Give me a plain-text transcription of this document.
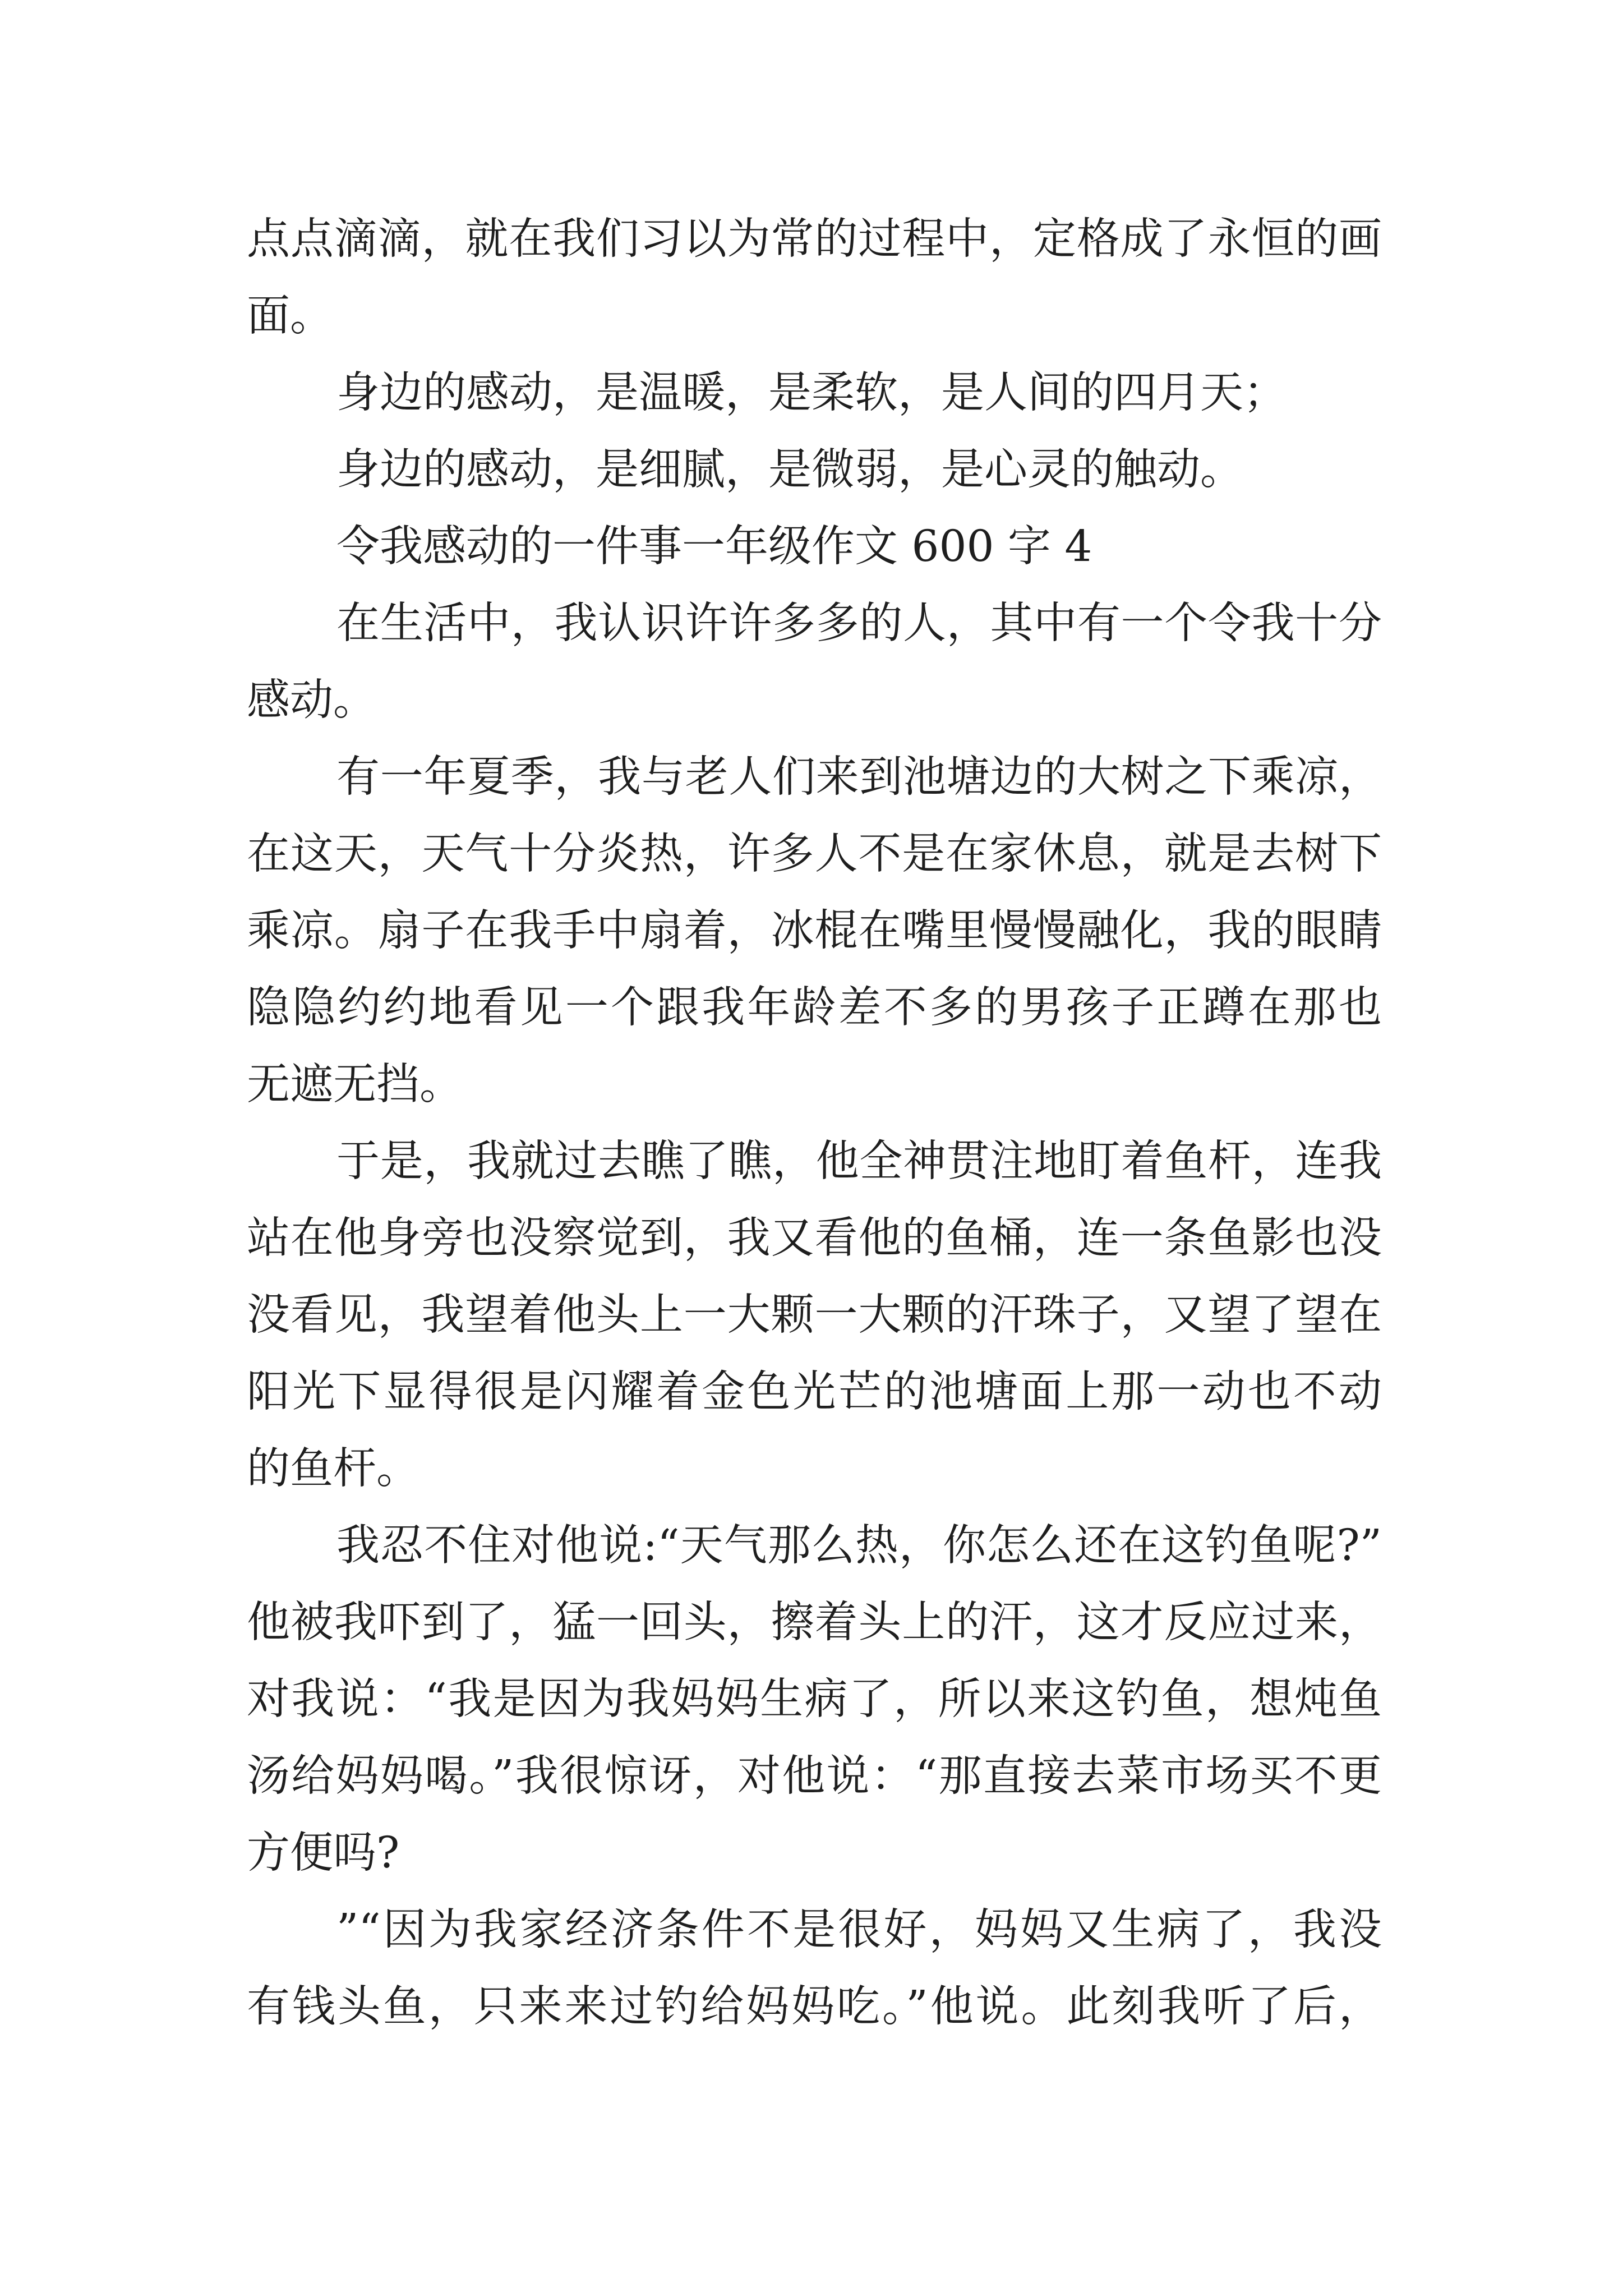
点点滴滴，就在我们习以为常的过程中，定格成了永恒的画
面。
身边的感动，是温暖，是柔软，是人间的四月天；
身边的感动，是细腻，是微弱，是心灵的触动。
令我感动的一件事一年级作文 600 字 4
在生活中，我认识许许多多的人，其中有一个令我十分
感动。
有一年夏季，我与老人们来到池塘边的大树之下乘凉，
在这天，天气十分炎热，许多人不是在家休息，就是去树下
乘凉。扇子在我手中扇着，冰棍在嘴里慢慢融化，我的眼睛
隐隐约约地看见一个跟我年龄差不多的男孩子正蹲在那也
无遮无挡。
于是，我就过去瞧了瞧，他全神贯注地盯着鱼杆，连我
站在他身旁也没察觉到，我又看他的鱼桶，连一条鱼影也没
没看见，我望着他头上一大颗一大颗的汗珠子，又望了望在
阳光下显得很是闪耀着金色光芒的池塘面上那一动也不动
的鱼杆。
我忍不住对他说:“天气那么热，你怎么还在这钓鱼呢?”
他被我吓到了，猛一回头，擦着头上的汗，这才反应过来，
对我说：“我是因为我妈妈生病了，所以来这钓鱼，想炖鱼
汤给妈妈喝。”我很惊讶，对他说：“那直接去菜市场买不更
方便吗?
”“因为我家经济条件不是很好，妈妈又生病了，我没
有钱头鱼，只来来过钓给妈妈吃。”他说。此刻我听了后，
